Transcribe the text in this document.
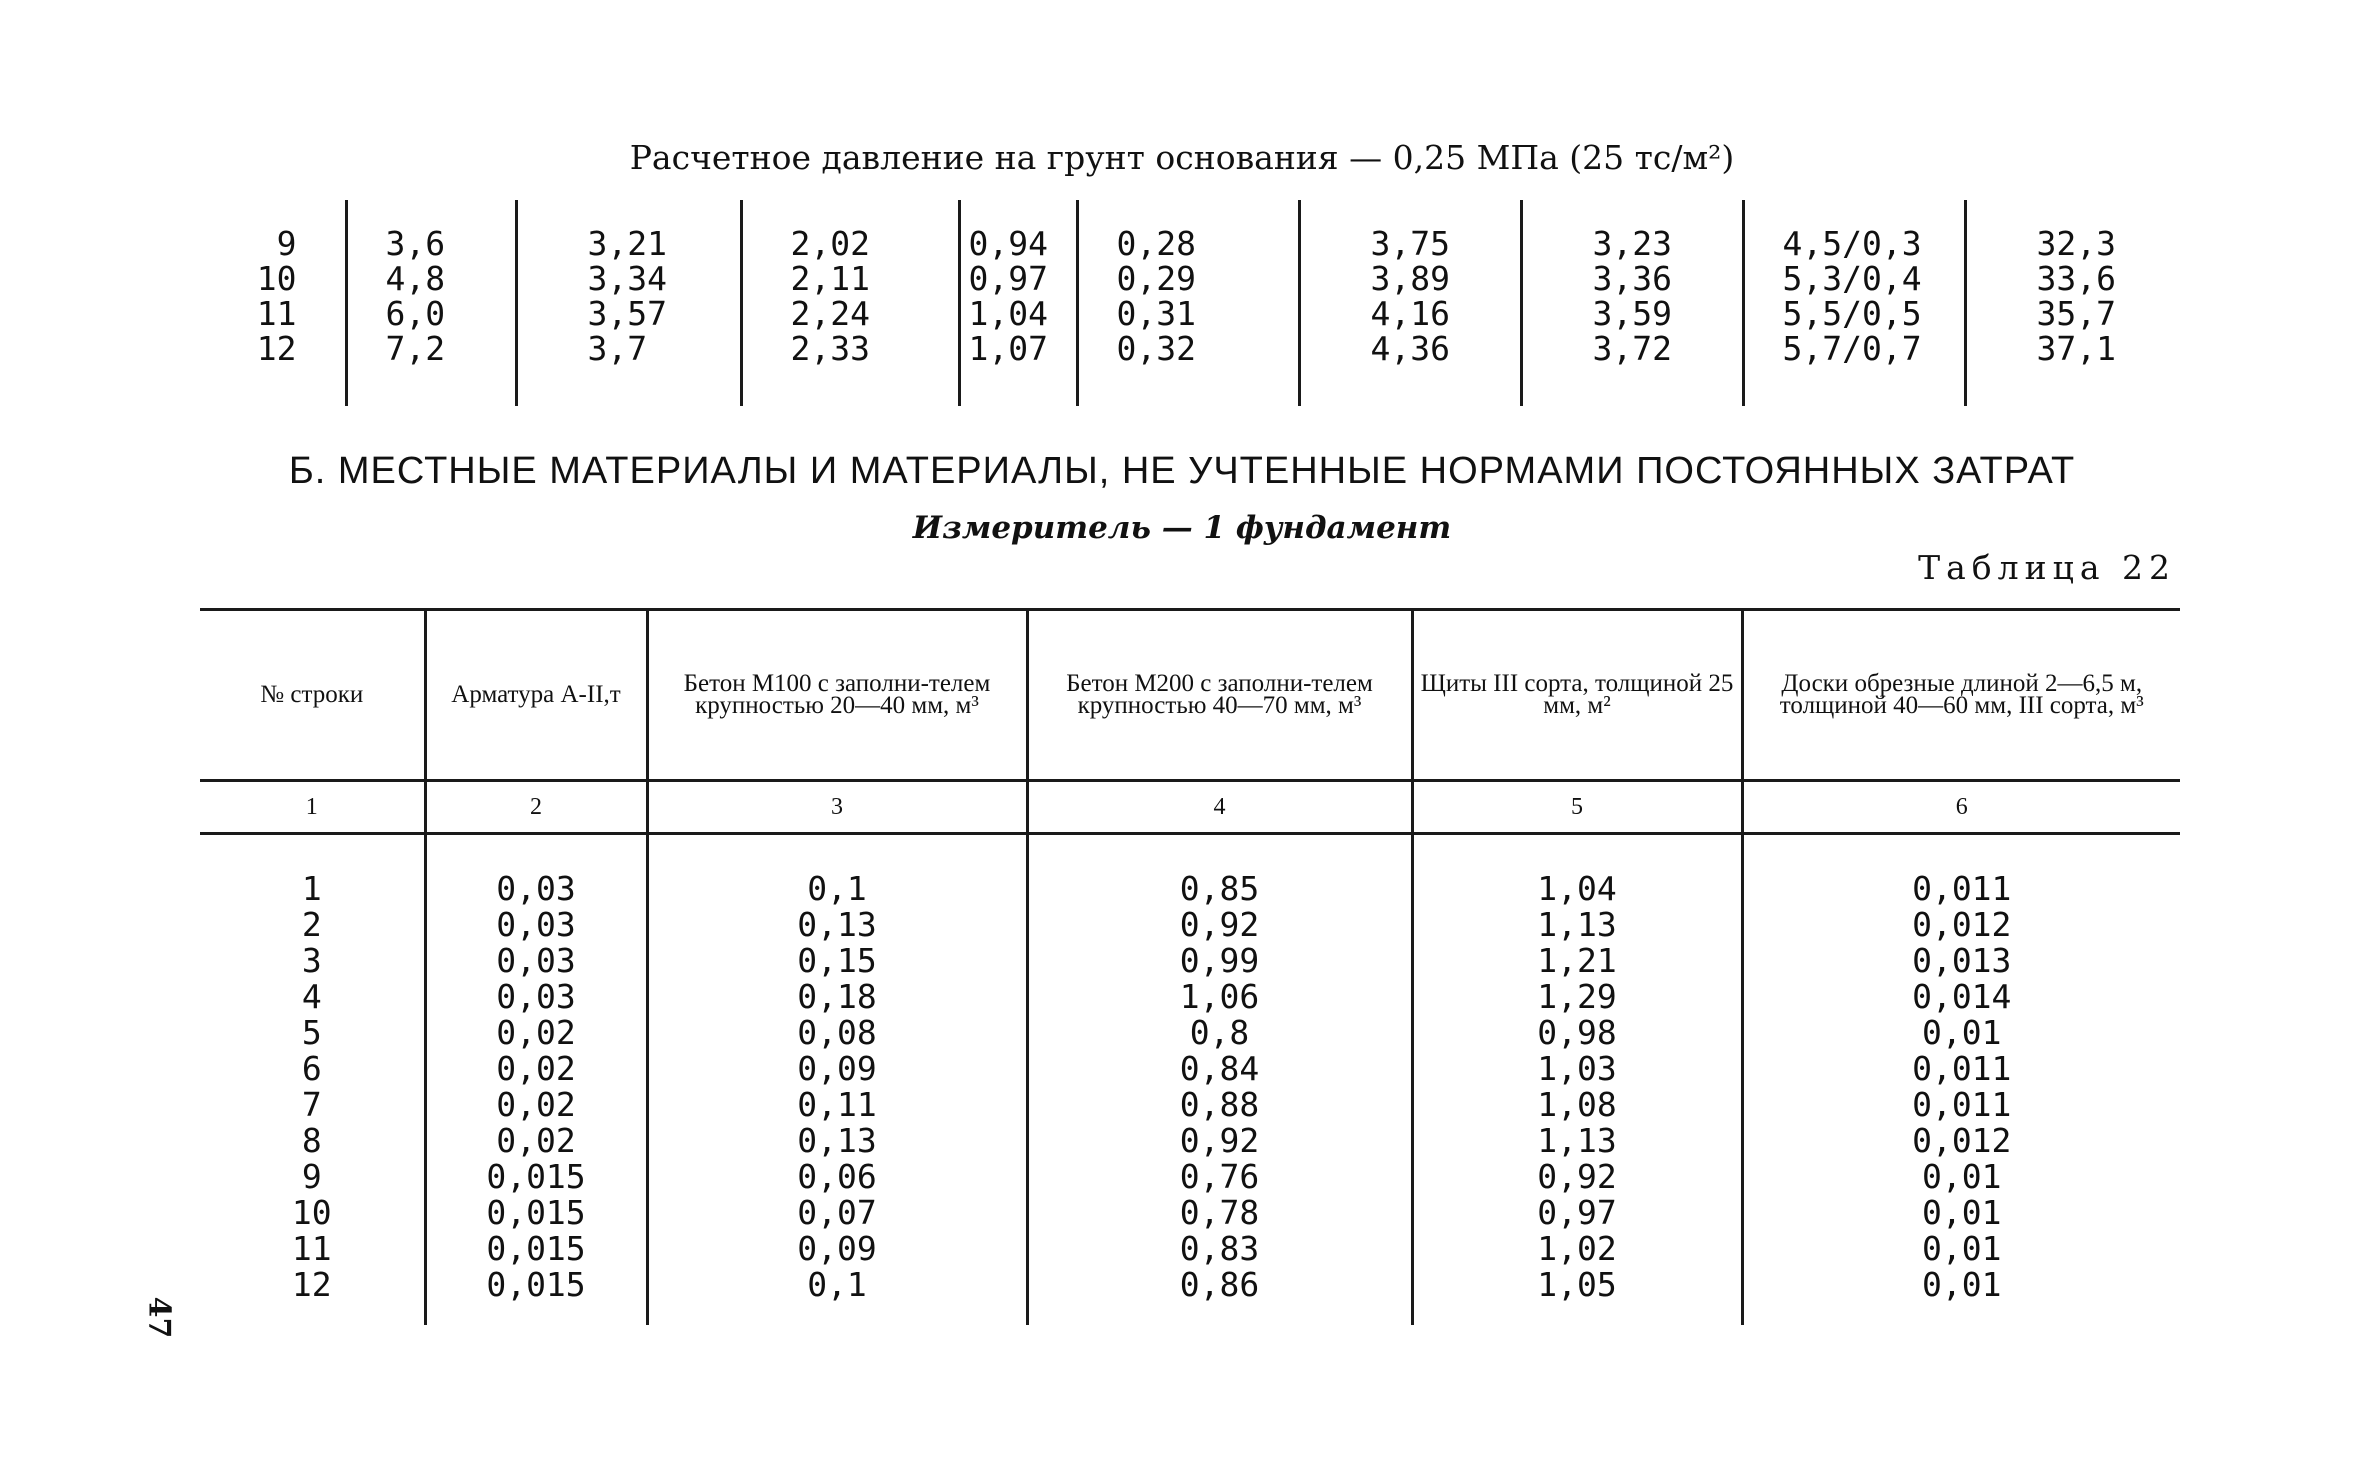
Расчетное давление на грунт основания — 0,25 МПа (25 тс/м²)

9	3,6	3,21	2,02	0,94	0,28	3,75	3,23	4,5/0,3	32,3
10	4,8	3,34	2,11	0,97	0,29	3,89	3,36	5,3/0,4	33,6
11	6,0	3,57	2,24	1,04	0,31	4,16	3,59	5,5/0,5	35,7
12	7,2	3,7	2,33	1,07	0,32	4,36	3,72	5,7/0,7	37,1

Б. МЕСТНЫЕ МАТЕРИАЛЫ И МАТЕРИАЛЫ, НЕ УЧТЕННЫЕ НОРМАМИ ПОСТОЯННЫХ ЗАТРАТ
Измеритель — 1 фундамент
Таблица 22
№ строки	Арматура А-II,т	Бетон М100 с заполни-телем крупностью 20—40 мм, м³	Бетон М200 с заполни-телем крупностью 40—70 мм, м³	Щиты III сорта, толщиной 25 мм, м²	Доски обрезные длиной 2—6,5 м, толщиной 40—60 мм, III сорта, м³
1	2	3	4	5	6

1	0,03	0,1	0,85	1,04	0,011
2	0,03	0,13	0,92	1,13	0,012
3	0,03	0,15	0,99	1,21	0,013
4	0,03	0,18	1,06	1,29	0,014
5	0,02	0,08	0,8	0,98	0,01
6	0,02	0,09	0,84	1,03	0,011
7	0,02	0,11	0,88	1,08	0,011
8	0,02	0,13	0,92	1,13	0,012
9	0,015	0,06	0,76	0,92	0,01
10	0,015	0,07	0,78	0,97	0,01
11	0,015	0,09	0,83	1,02	0,01
12	0,015	0,1	0,86	1,05	0,01

47
